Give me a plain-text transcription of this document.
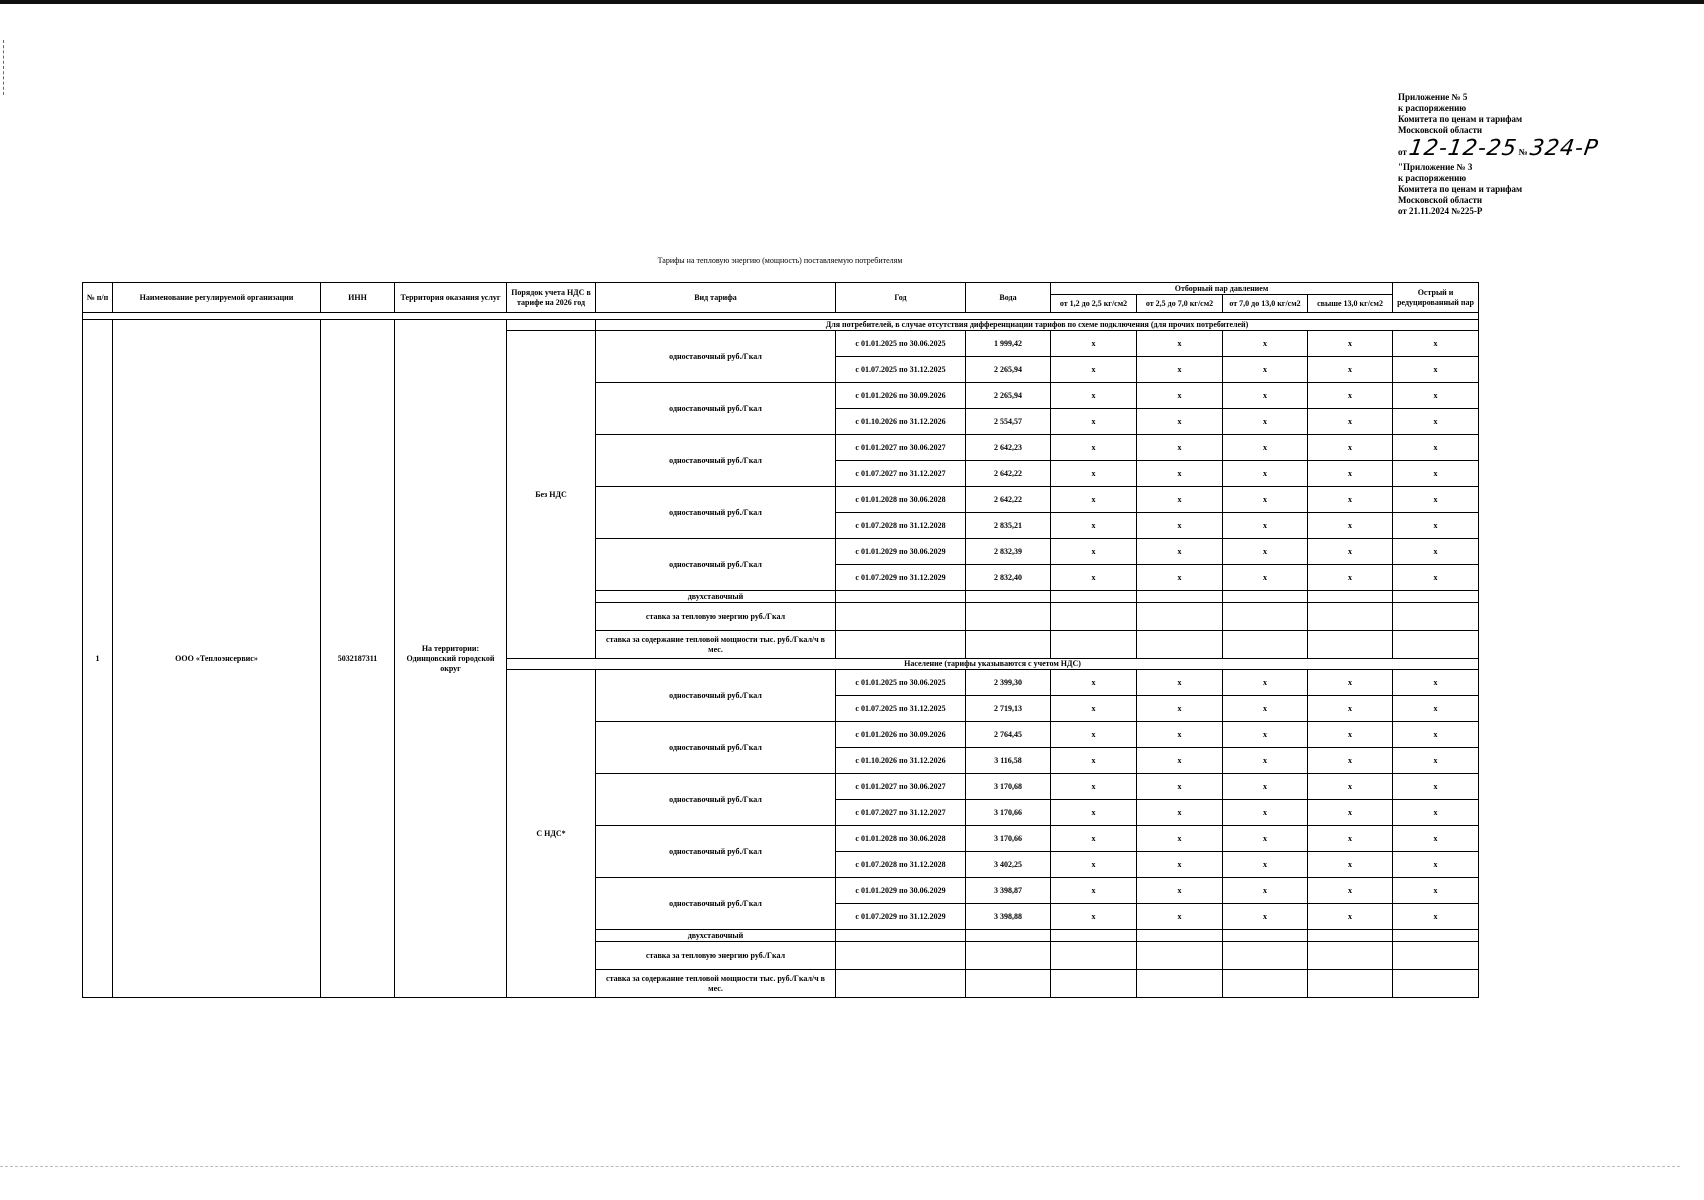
Приложение № 5
к распоряжению
Комитета по ценам и тарифам
Московской области
от 12-12-25 № 324-Р
"Приложение № 3
к распоряжению
Комитета по ценам и тарифам
Московской области
от 21.11.2024 №225-Р
Тарифы на тепловую энергию (мощность) поставляемую потребителям
№ п/п	Наименование регулируемой организации	ИНН	Территория оказания услуг	Порядок учета НДС в тарифе на 2026 год	Вид тарифа	Год	Вода	Отборный пар давлением				Острый и редуцированный пар
								от 1,2 до 2,5 кг/см2	от 2,5 до 7,0 кг/см2	от 7,0 до 13,0 кг/см2	свыше 13,0 кг/см2	

1	ООО «Теплоэнсервис»	5032187311	На территории: Одинцовский городской округ		Для потребителей, в случае отсутствия дифференциации тарифов по схеме подключения (для прочих потребителей)							
				Без НДС	одноставочный руб./Гкал	с 01.01.2025 по 30.06.2025	1 999,42	x	x	x	x	x
						с 01.07.2025 по 31.12.2025	2 265,94	x	x	x	x	x
					одноставочный руб./Гкал	с 01.01.2026 по 30.09.2026	2 265,94	x	x	x	x	x
						с 01.10.2026 по 31.12.2026	2 554,57	x	x	x	x	x
					одноставочный руб./Гкал	с 01.01.2027 по 30.06.2027	2 642,23	x	x	x	x	x
						с 01.07.2027 по 31.12.2027	2 642,22	x	x	x	x	x
					одноставочный руб./Гкал	с 01.01.2028 по 30.06.2028	2 642,22	x	x	x	x	x
						с 01.07.2028 по 31.12.2028	2 835,21	x	x	x	x	x
					одноставочный руб./Гкал	с 01.01.2029 по 30.06.2029	2 832,39	x	x	x	x	x
						с 01.07.2029 по 31.12.2029	2 832,40	x	x	x	x	x
					двухставочный							
					ставка за тепловую энергию руб./Гкал							
					ставка за содержание тепловой мощности тыс. руб./Гкал/ч в мес.							
				Население (тарифы указываются с учетом НДС)								
				С НДС*	одноставочный руб./Гкал	с 01.01.2025 по 30.06.2025	2 399,30	x	x	x	x	x
						с 01.07.2025 по 31.12.2025	2 719,13	x	x	x	x	x
					одноставочный руб./Гкал	с 01.01.2026 по 30.09.2026	2 764,45	x	x	x	x	x
						с 01.10.2026 по 31.12.2026	3 116,58	x	x	x	x	x
					одноставочный руб./Гкал	с 01.01.2027 по 30.06.2027	3 170,68	x	x	x	x	x
						с 01.07.2027 по 31.12.2027	3 170,66	x	x	x	x	x
					одноставочный руб./Гкал	с 01.01.2028 по 30.06.2028	3 170,66	x	x	x	x	x
						с 01.07.2028 по 31.12.2028	3 402,25	x	x	x	x	x
					одноставочный руб./Гкал	с 01.01.2029 по 30.06.2029	3 398,87	x	x	x	x	x
						с 01.07.2029 по 31.12.2029	3 398,88	x	x	x	x	x
					двухставочный							
					ставка за тепловую энергию руб./Гкал							
					ставка за содержание тепловой мощности тыс. руб./Гкал/ч в мес.							
